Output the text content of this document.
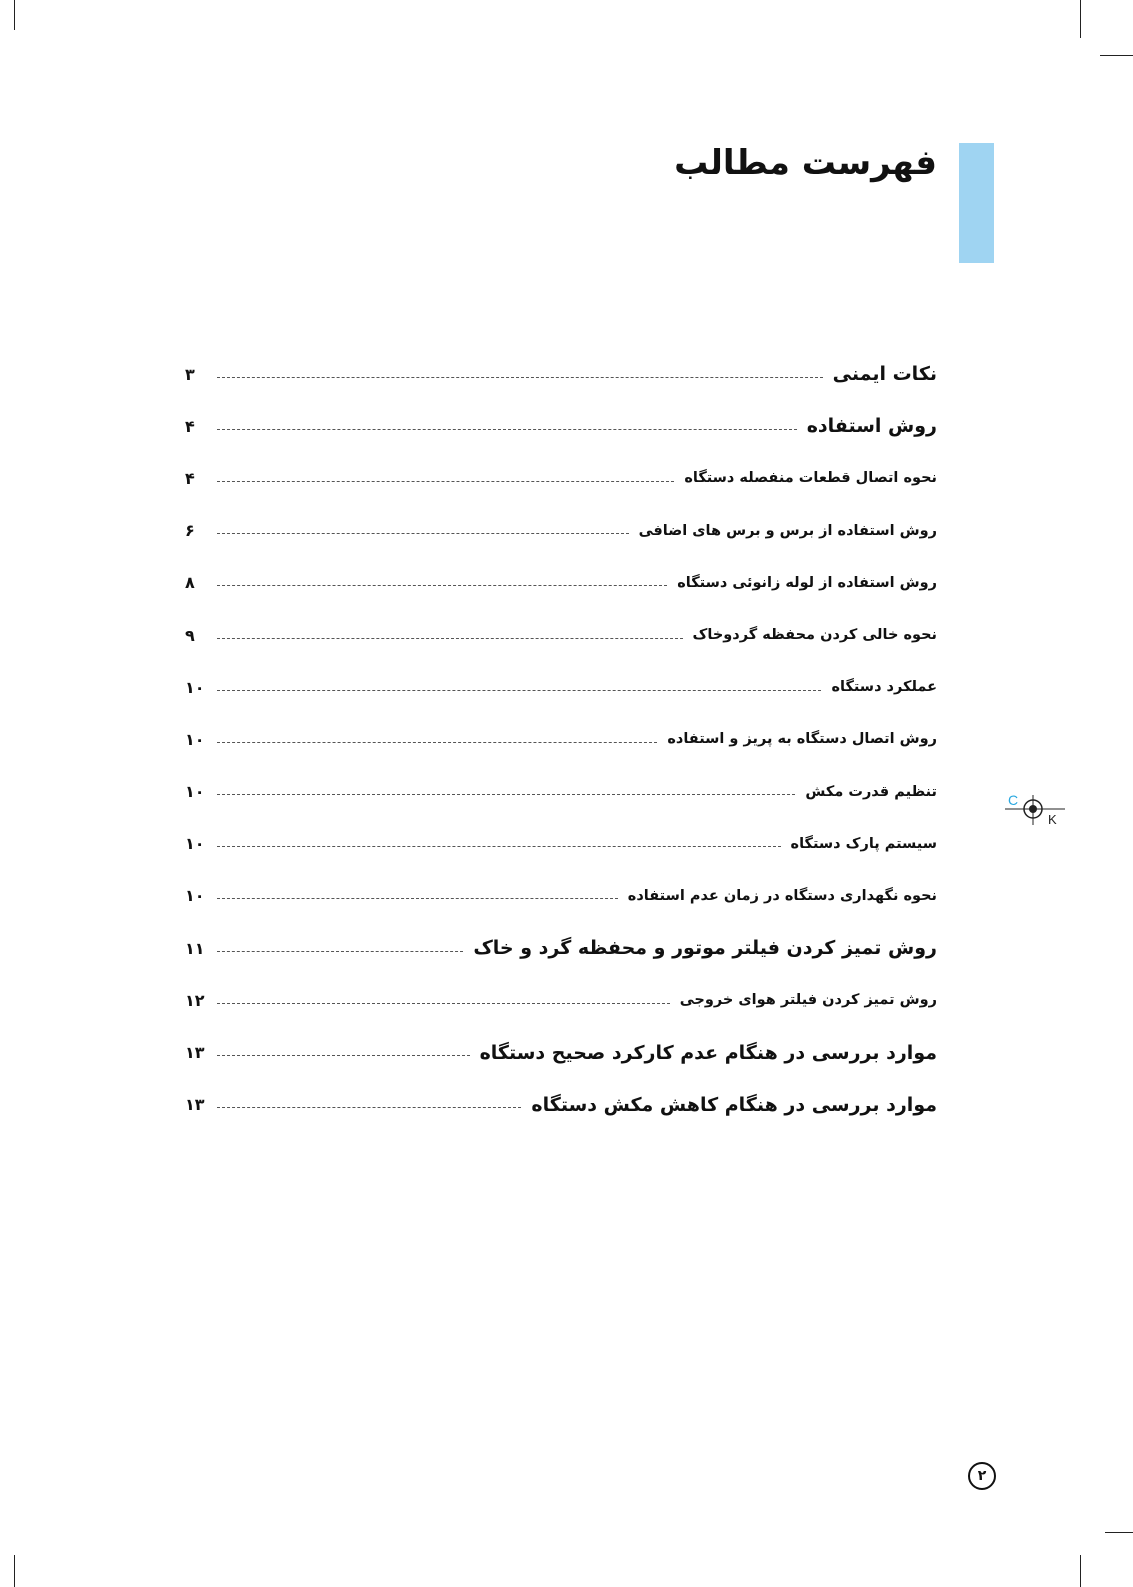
فهرست مطالب
نکات ایمنی
۳
روش استفاده
۴
نحوه اتصال قطعات منفصله دستگاه
۴
روش استفاده از برس و برس های اضافی
۶
روش استفاده از لوله زانوئی دستگاه
۸
نحوه خالی کردن محفظه گردوخاک
۹
عملکرد دستگاه
۱۰
روش اتصال دستگاه به پریز و استفاده
۱۰
تنظیم قدرت مکش
۱۰
سیستم پارک دستگاه
۱۰
نحوه نگهداری دستگاه در زمان عدم استفاده
۱۰
روش تمیز کردن فیلتر موتور و محفظه گرد و خاک
۱۱
روش تمیز کردن فیلتر هوای خروجی
۱۲
موارد بررسی در هنگام عدم کارکرد صحیح دستگاه
۱۳
موارد بررسی در هنگام کاهش مکش دستگاه
۱۳
C
K
۲
